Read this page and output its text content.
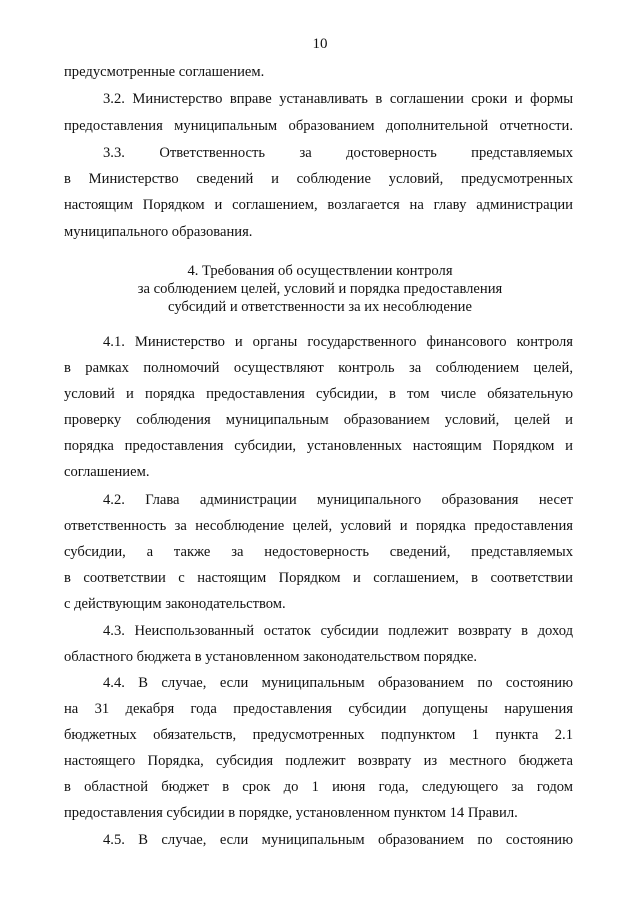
10
предусмотренные соглашением.
3.2. Министерство вправе устанавливать в соглашении сроки и формы
предоставления муниципальным образованием дополнительной отчетности.
3.3. Ответственность за достоверность представляемых
в Министерство сведений и соблюдение условий, предусмотренных
настоящим Порядком и соглашением, возлагается на главу администрации
муниципального образования.
4. Требования об осуществлении контроля
за соблюдением целей, условий и порядка предоставления
субсидий и ответственности за их несоблюдение
4.1. Министерство и органы государственного финансового контроля
в рамках полномочий осуществляют контроль за соблюдением целей,
условий и порядка предоставления субсидии, в том числе обязательную
проверку соблюдения муниципальным образованием условий, целей и
порядка предоставления субсидии, установленных настоящим Порядком и
соглашением.
4.2. Глава администрации муниципального образования несет
ответственность за несоблюдение целей, условий и порядка предоставления
субсидии, а также за недостоверность сведений, представляемых
в соответствии с настоящим Порядком и соглашением, в соответствии
с действующим законодательством.
4.3. Неиспользованный остаток субсидии подлежит возврату в доход
областного бюджета в установленном законодательством порядке.
4.4. В случае, если муниципальным образованием по состоянию
на 31 декабря года предоставления субсидии допущены нарушения
бюджетных обязательств, предусмотренных подпунктом 1 пункта 2.1
настоящего Порядка, субсидия подлежит возврату из местного бюджета
в областной бюджет в срок до 1 июня года, следующего за годом
предоставления субсидии в порядке, установленном пунктом 14 Правил.
4.5. В случае, если муниципальным образованием по состоянию
